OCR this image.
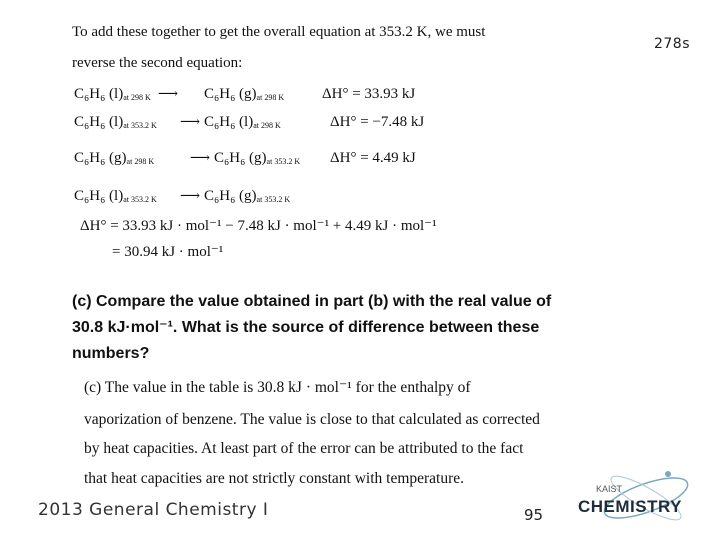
278s
To add these together to get the overall equation at 353.2 K, we must
reverse the second equation:
C₆H₆ $(l)_{at 298 K}$ ⟶ C₆H₆ $(g)_{at 298 K}$	ΔH° = 33.93 kJ
C₆H₆ $(l)_{at 353.2 K}$ ⟶ C₆H₆ $(l)_{at 298 K}$	ΔH° = −7.48 kJ
C₆H₆ $(g)_{at 298 K}$	⟶ C₆H₆ $(g)_{at 353.2 K}$ ΔH° = 4.49 kJ
C₆H₆ $(l)_{at 353.2 K}$ ⟶ C₆H₆ $(g)_{at 353.2 K}$
ΔH° = 33.93 kJ · mol⁻¹ − 7.48 kJ · mol⁻¹ + 4.49 kJ · mol⁻¹
= 30.94 kJ · mol⁻¹
(c) Compare the value obtained in part (b) with the real value of
30.8 kJ·mol⁻¹. What is the source of difference between these
numbers?
(c) The value in the table is 30.8 kJ · mol⁻¹ for the enthalpy of
vaporization of benzene. The value is close to that calculated as corrected
by heat capacities. At least part of the error can be attributed to the fact
that heat capacities are not strictly constant with temperature.
2013 General Chemistry I	95
KAIST
CHEMISTRY
